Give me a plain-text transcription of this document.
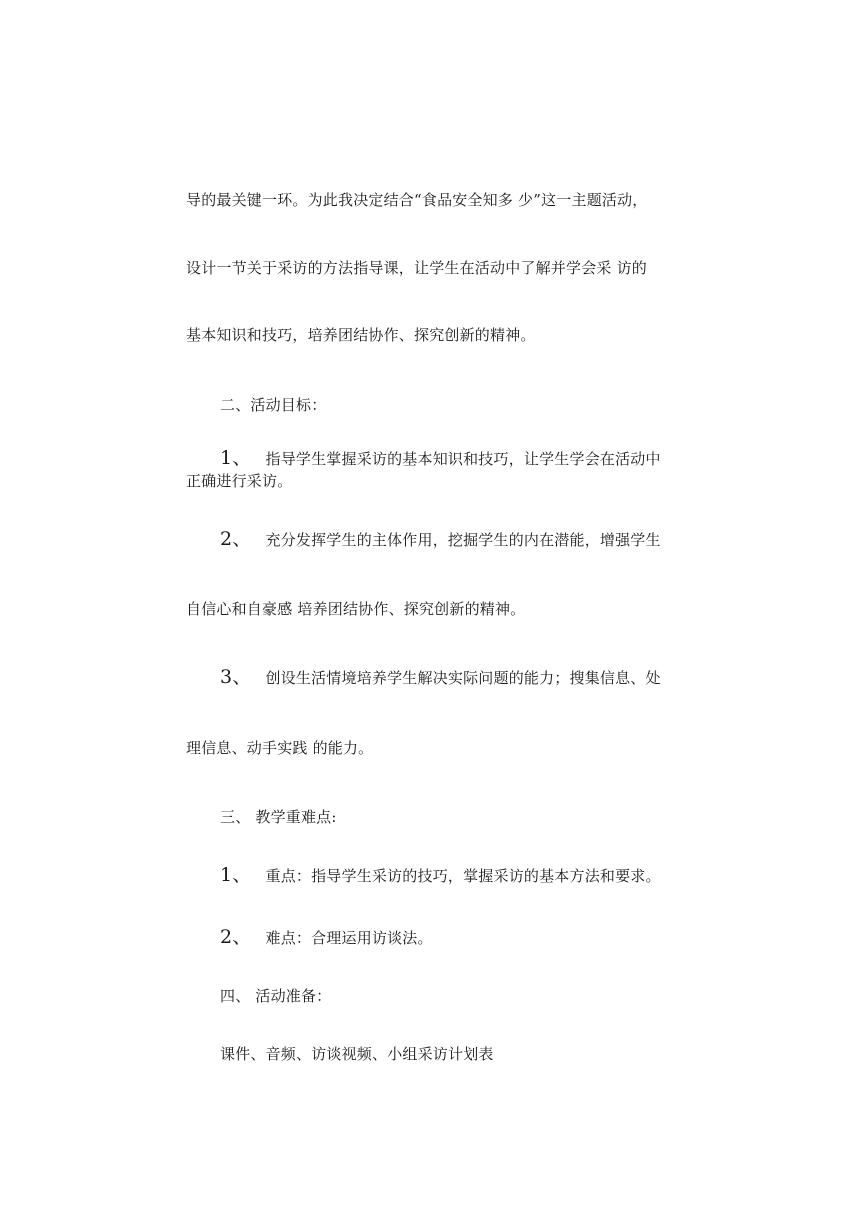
导的最关键一环。为此我决定结合“食品安全知多 少”这一主题活动，
设计一节关于采访的方法指导课，让学生在活动中了解并学会采 访的
基本知识和技巧，培养团结协作、探究创新的精神。
二、活动目标：
1、 指导学生掌握采访的基本知识和技巧，让学生学会在活动中
正确进行采访。
2、 充分发挥学生的主体作用，挖掘学生的内在潜能，增强学生
自信心和自豪感 培养团结协作、探究创新的精神。
3、 创设生活情境培养学生解决实际问题的能力；搜集信息、处
理信息、动手实践 的能力。
三、 教学重难点:
1、 重点：指导学生采访的技巧，掌握采访的基本方法和要求。
2、 难点：合理运用访谈法。
四、 活动准备：
课件、音频、访谈视频、小组采访计划表
